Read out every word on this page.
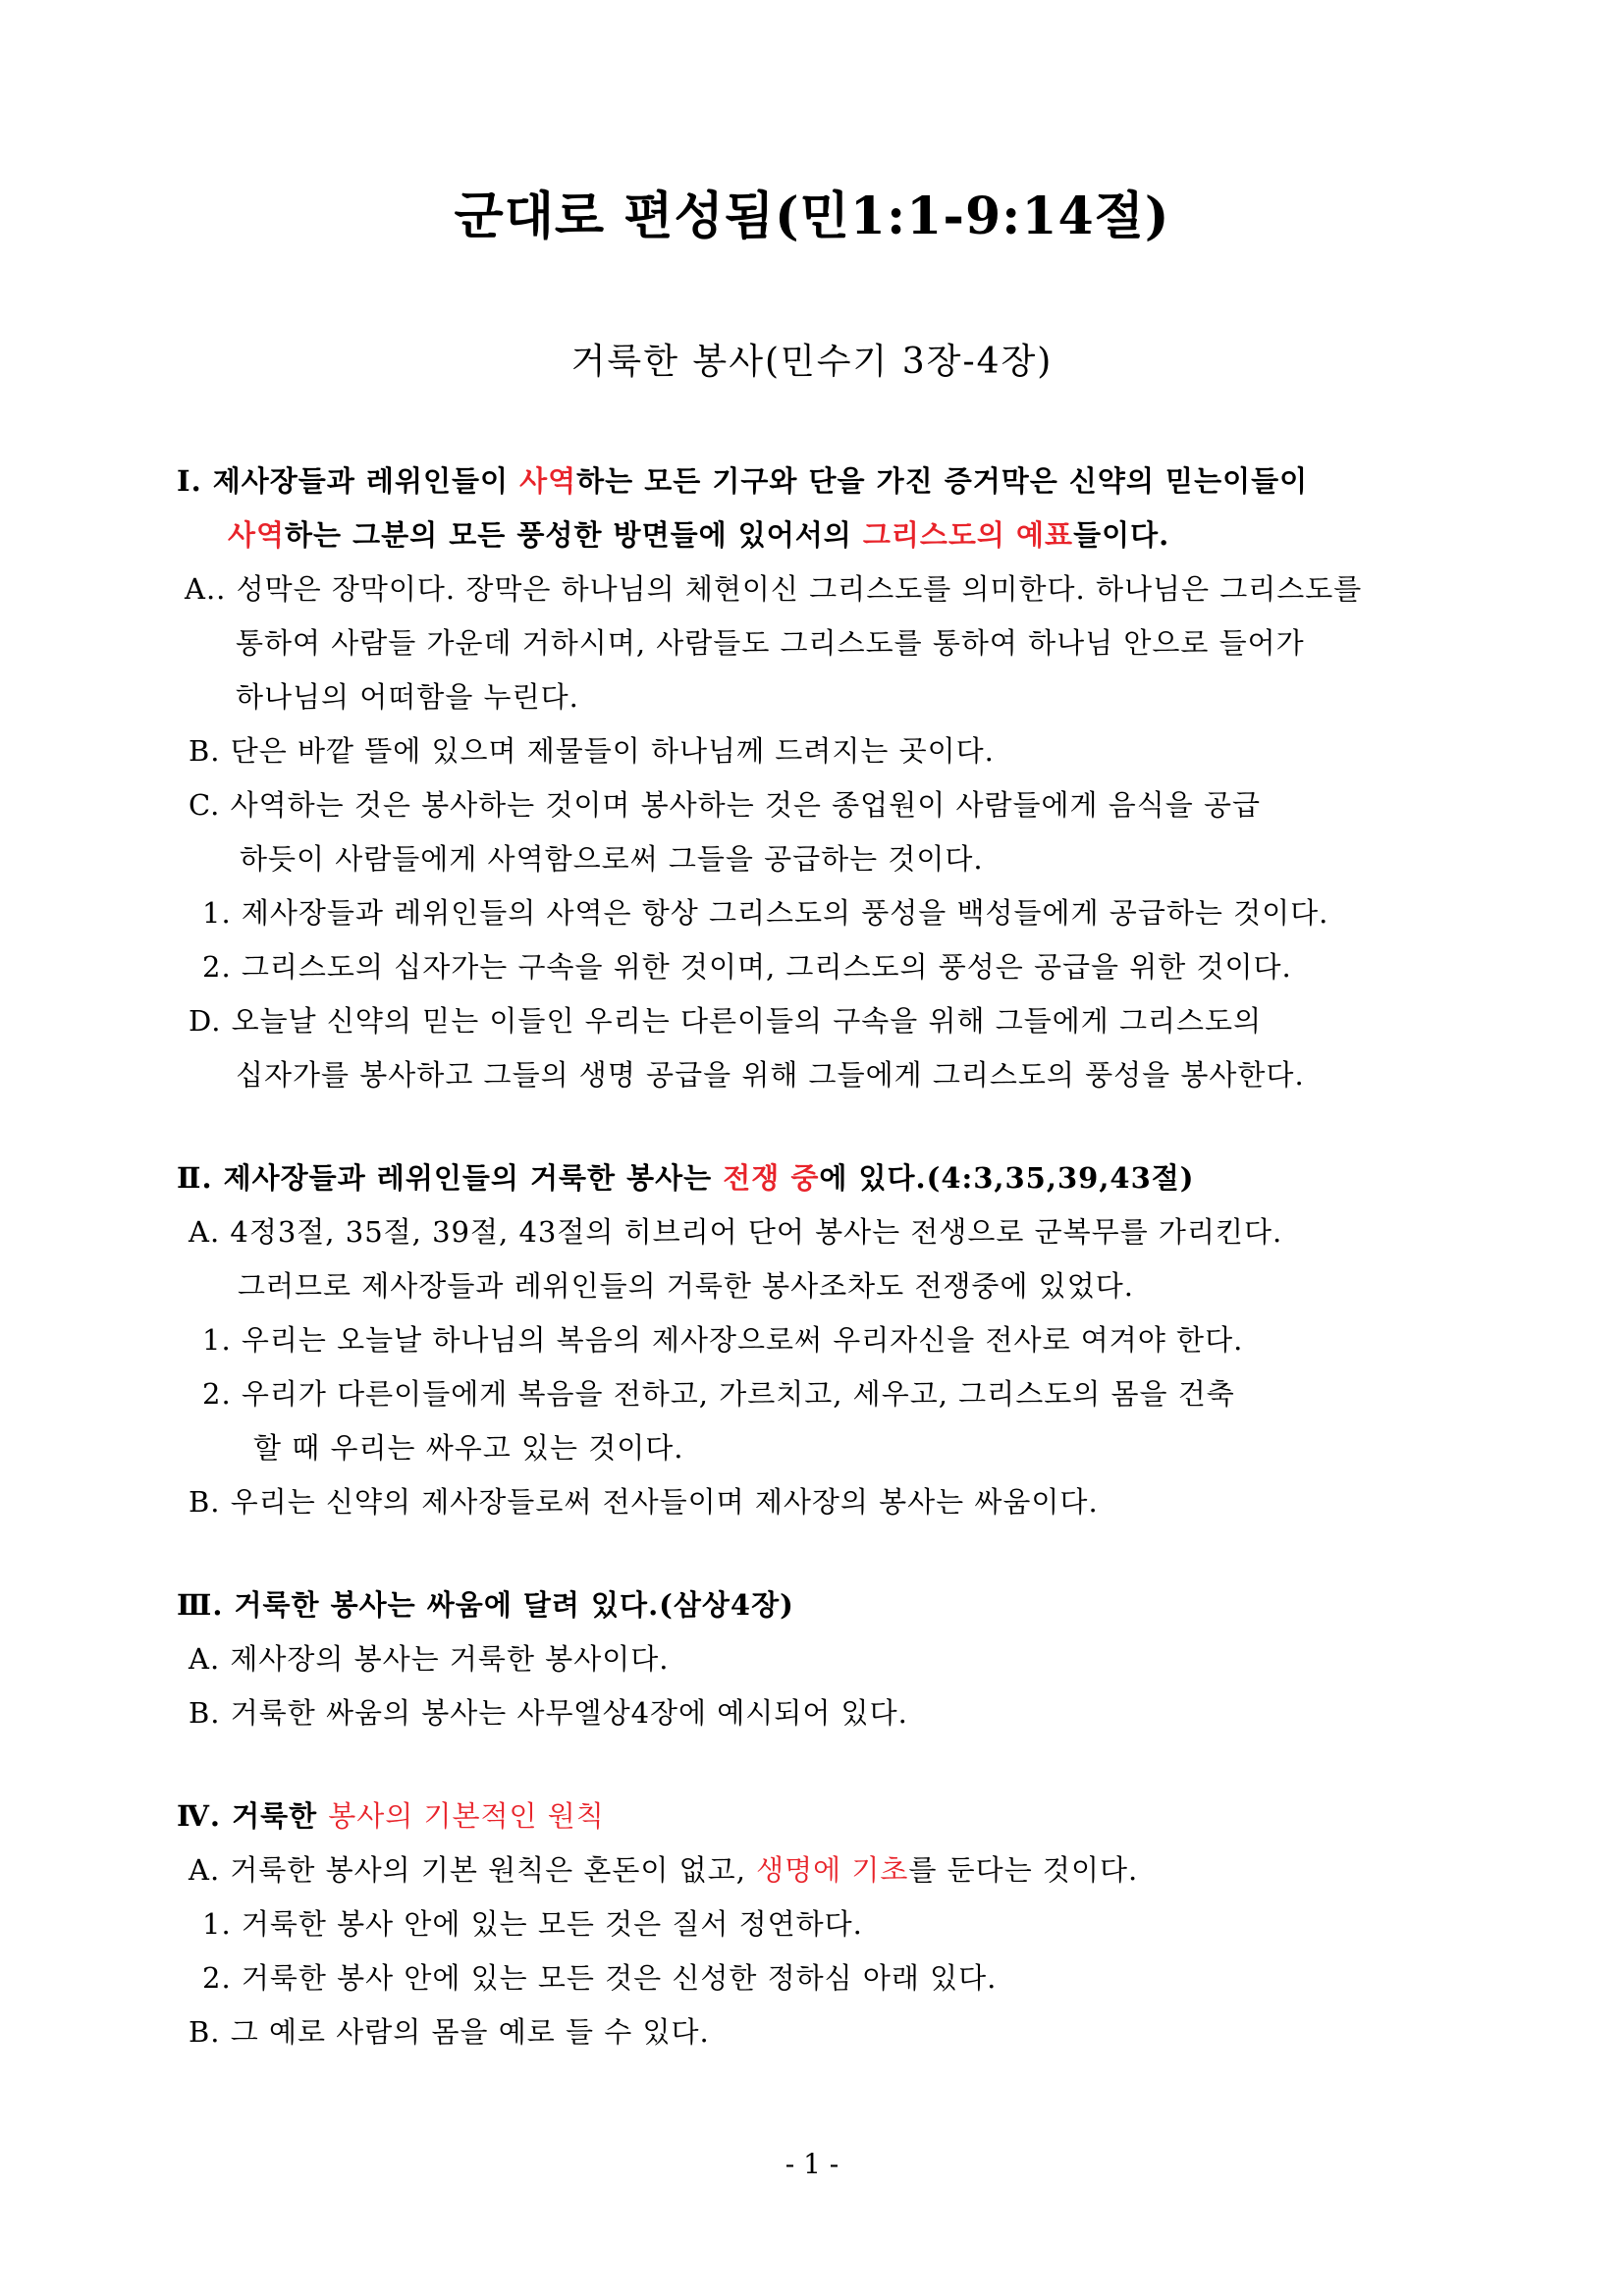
군대로 편성됨(민1:1-9:14절)
거룩한 봉사(민수기 3장-4장)
Ⅰ. 제사장들과 레위인들이 사역하는 모든 기구와 단을 가진 증거막은 신약의 믿는이들이
사역하는 그분의 모든 풍성한 방면들에 있어서의 그리스도의 예표들이다.
A.. 성막은 장막이다. 장막은 하나님의 체현이신 그리스도를 의미한다. 하나님은 그리스도를
통하여 사람들 가운데 거하시며, 사람들도 그리스도를 통하여 하나님 안으로 들어가
하나님의 어떠함을 누린다.
B. 단은 바깥 뜰에 있으며 제물들이 하나님께 드려지는 곳이다.
C. 사역하는 것은 봉사하는 것이며 봉사하는 것은 종업원이 사람들에게 음식을 공급
하듯이 사람들에게 사역함으로써 그들을 공급하는 것이다.
1. 제사장들과 레위인들의 사역은 항상 그리스도의 풍성을 백성들에게 공급하는 것이다.
2. 그리스도의 십자가는 구속을 위한 것이며, 그리스도의 풍성은 공급을 위한 것이다.
D. 오늘날 신약의 믿는 이들인 우리는 다른이들의 구속을 위해 그들에게 그리스도의
십자가를 봉사하고 그들의 생명 공급을 위해 그들에게 그리스도의 풍성을 봉사한다.
Ⅱ. 제사장들과 레위인들의 거룩한 봉사는 전쟁 중에 있다.(4:3,35,39,43절)
A. 4정3절, 35절, 39절, 43절의 히브리어 단어 봉사는 전생으로 군복무를 가리킨다.
그러므로 제사장들과 레위인들의 거룩한 봉사조차도 전쟁중에 있었다.
1. 우리는 오늘날 하나님의 복음의 제사장으로써 우리자신을 전사로 여겨야 한다.
2. 우리가 다른이들에게 복음을 전하고, 가르치고, 세우고, 그리스도의 몸을 건축
할 때 우리는 싸우고 있는 것이다.
B. 우리는 신약의 제사장들로써 전사들이며 제사장의 봉사는 싸움이다.
Ⅲ. 거룩한 봉사는 싸움에 달려 있다.(삼상4장)
A. 제사장의 봉사는 거룩한 봉사이다.
B. 거룩한 싸움의 봉사는 사무엘상4장에 예시되어 있다.
Ⅳ. 거룩한 봉사의 기본적인 원칙
A. 거룩한 봉사의 기본 원칙은 혼돈이 없고, 생명에 기초를 둔다는 것이다.
1. 거룩한 봉사 안에 있는 모든 것은 질서 정연하다.
2. 거룩한 봉사 안에 있는 모든 것은 신성한 정하심 아래 있다.
B. 그 예로 사람의 몸을 예로 들 수 있다.
- 1 -
